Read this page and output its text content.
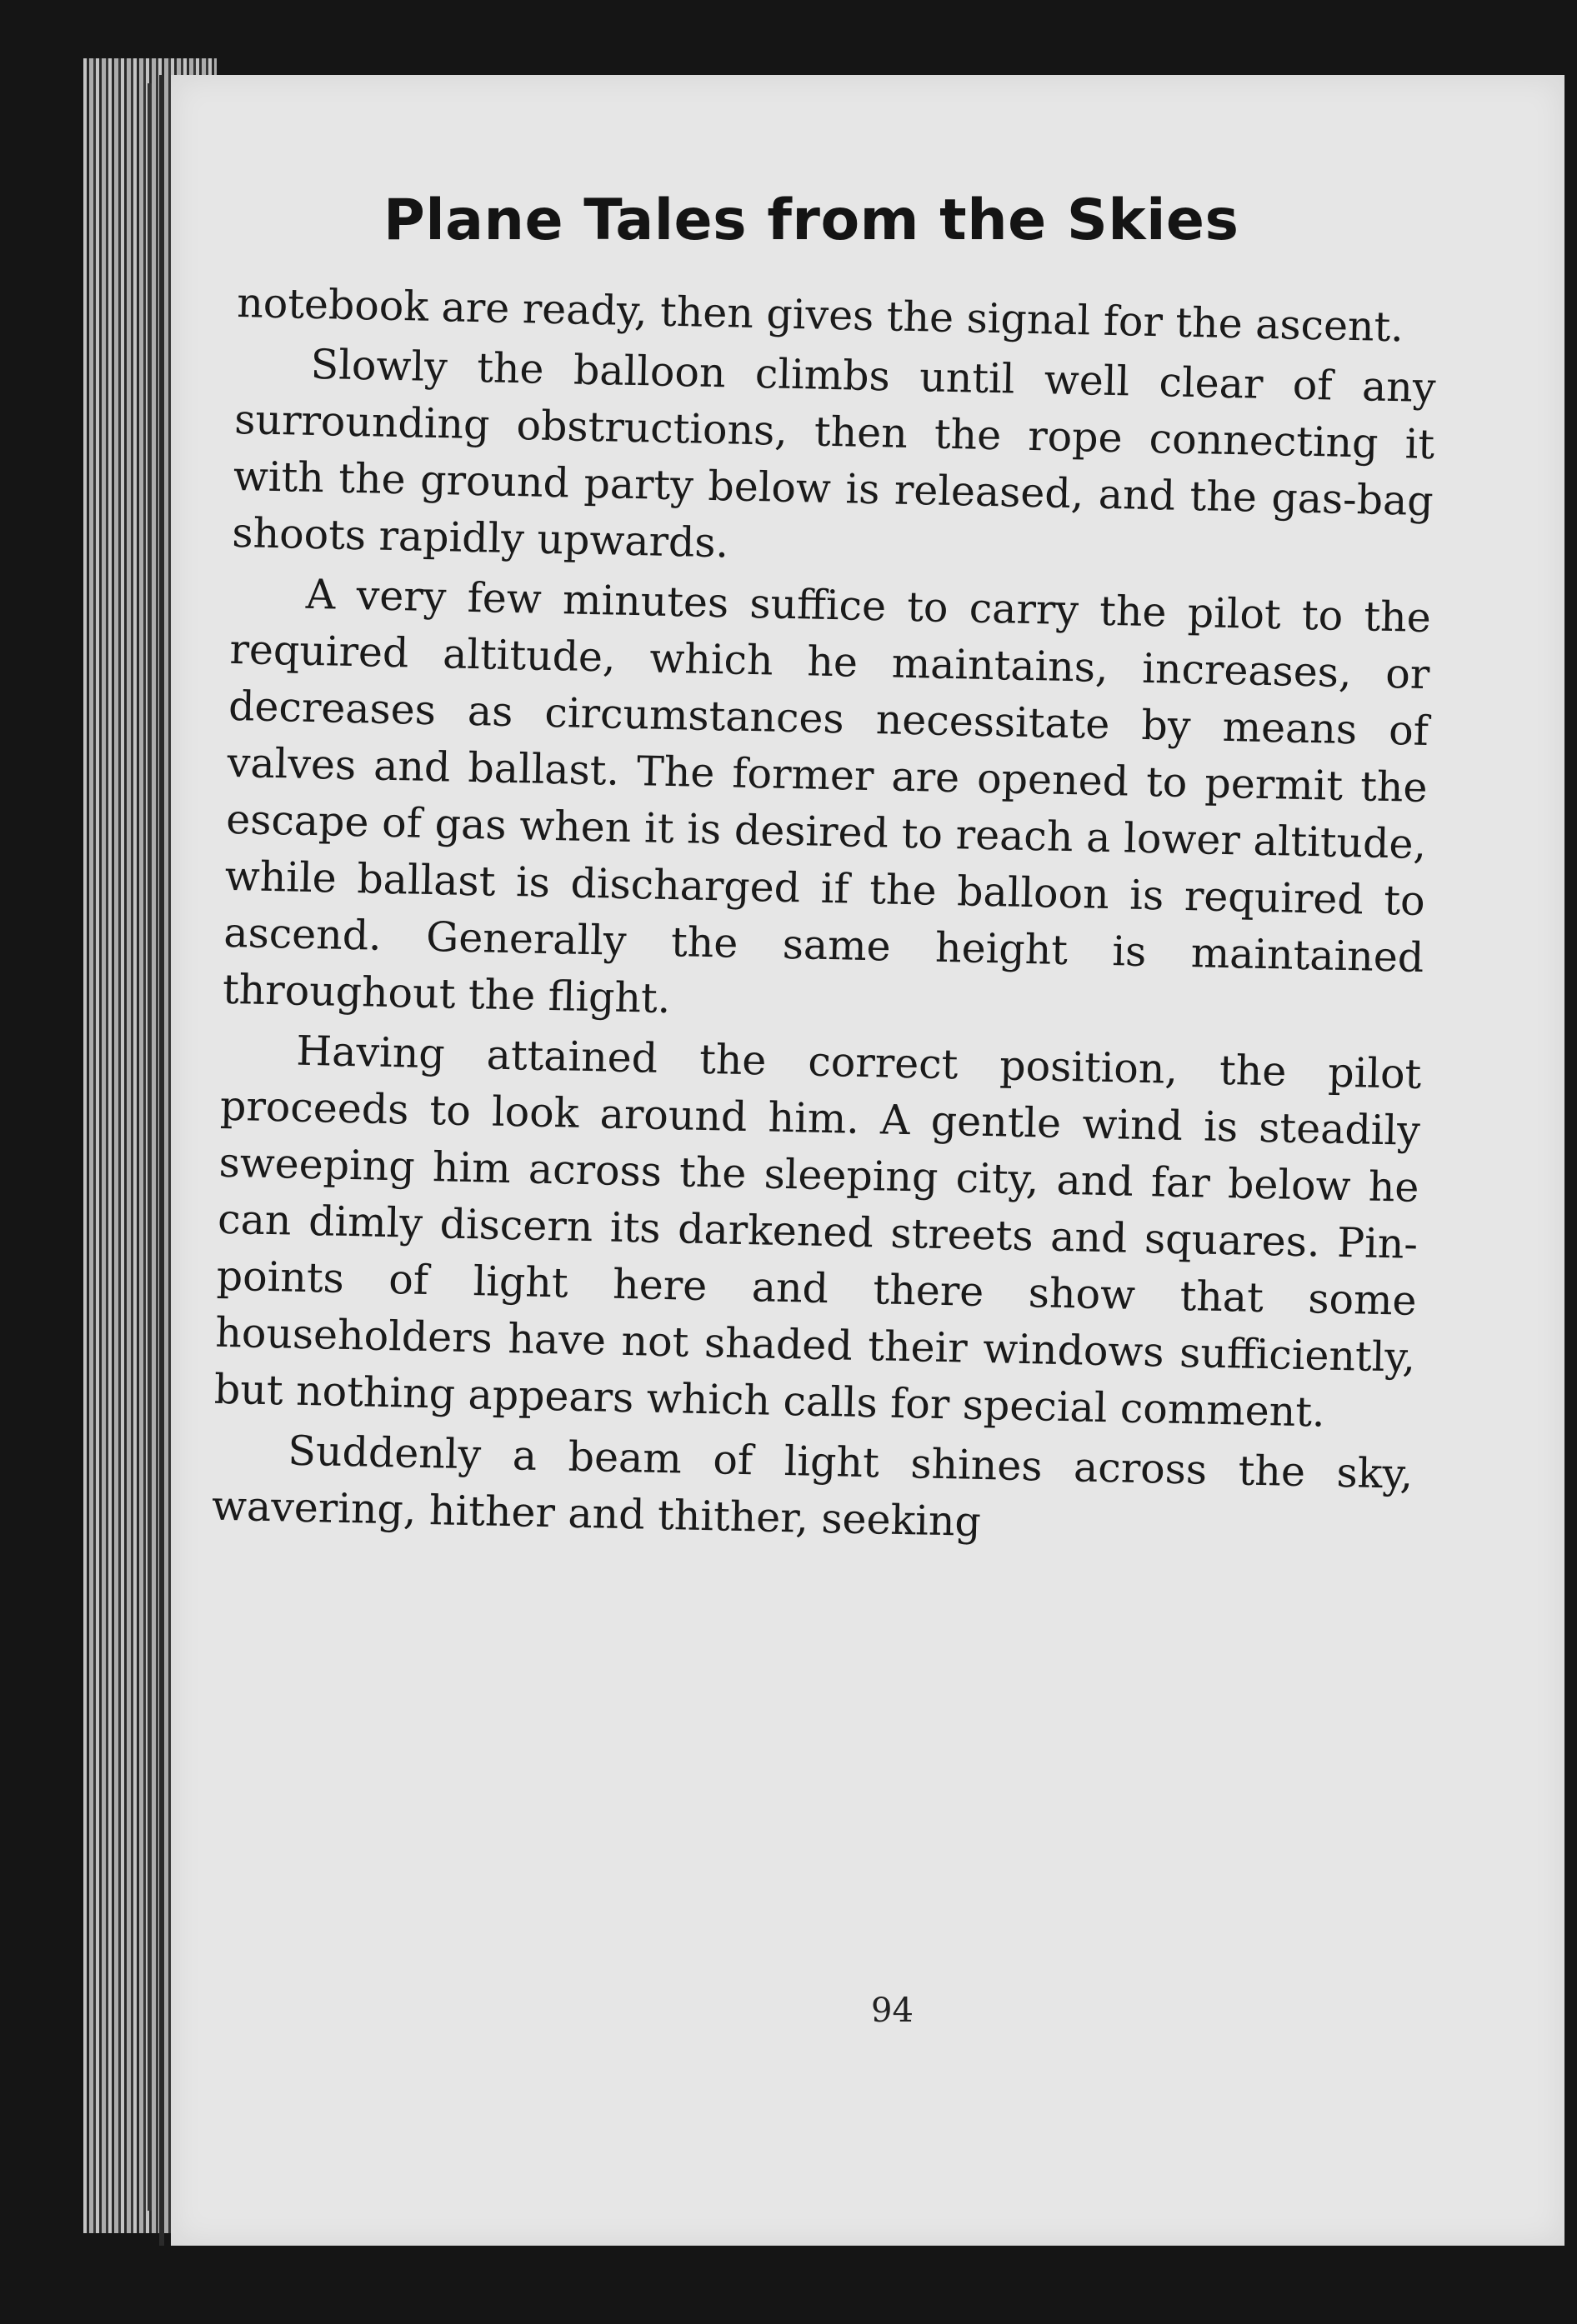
Plane Tales from the Skies

notebook are ready, then gives the signal for the ascent.

Slowly the balloon climbs until well clear of any surrounding obstructions, then the rope connecting it with the ground party below is released, and the gas-bag shoots rapidly upwards.

A very few minutes suffice to carry the pilot to the required altitude, which he maintains, increases, or decreases as circumstances necessitate by means of valves and ballast. The former are opened to permit the escape of gas when it is desired to reach a lower altitude, while ballast is discharged if the balloon is required to ascend. Generally the same height is maintained throughout the flight.

Having attained the correct position, the pilot proceeds to look around him. A gentle wind is steadily sweeping him across the sleeping city, and far below he can dimly discern its darkened streets and squares. Pin-points of light here and there show that some householders have not shaded their windows sufficiently, but nothing appears which calls for special comment.

Suddenly a beam of light shines across the sky, wavering, hither and thither, seeking

94
